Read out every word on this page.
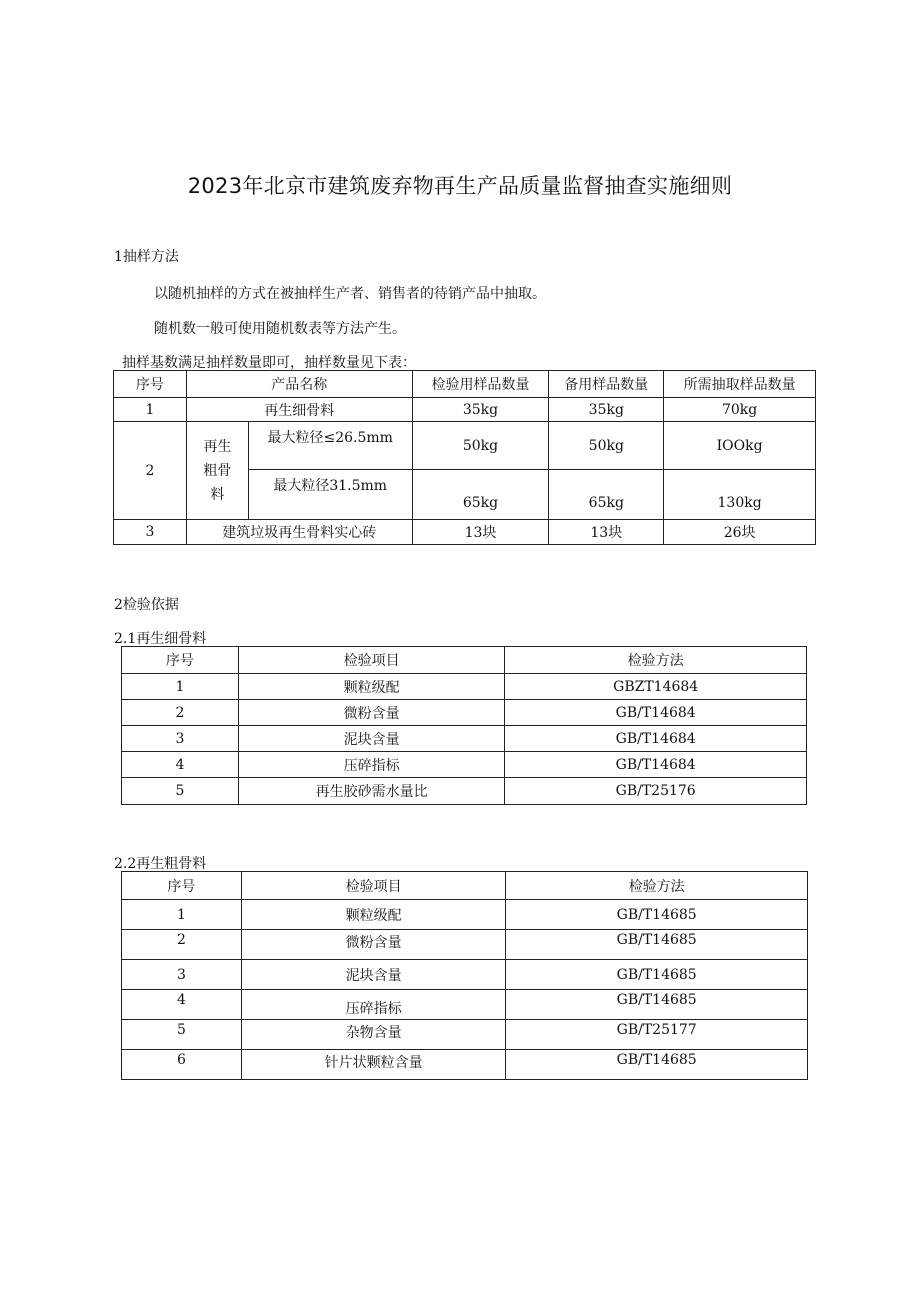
2023年北京市建筑废弃物再生产品质量监督抽查实施细则
1抽样方法
以随机抽样的方式在被抽样生产者、销售者的待销产品中抽取。
随机数一般可使用随机数表等方法产生。
抽样基数满足抽样数量即可，抽样数量见下表：
序号	产品名称		检验用样品数量	备用样品数量	所需抽取样品数量
1	再生细骨料		35kg	35kg	70kg
2	再生粗骨料	最大粒径≤26.5mm	50kg	50kg	IOOkg
		最大粒径31.5mm	65kg	65kg	130kg
3	建筑垃圾再生骨料实心砖		13块	13块	26块
2检验依据
2.1再生细骨料
序号	检验项目	检验方法
1	颗粒级配	GBZT14684
2	微粉含量	GB/T14684
3	泥块含量	GB/T14684
4	压碎指标	GB/T14684
5	再生胶砂需水量比	GB/T25176
2.2再生粗骨料
序号	检验项目	检验方法
1	颗粒级配	GB/T14685
2	微粉含量	GB/T14685
3	泥块含量	GB/T14685
4	压碎指标	GB/T14685
5	杂物含量	GB/T25177
6	针片状颗粒含量	GB/T14685
